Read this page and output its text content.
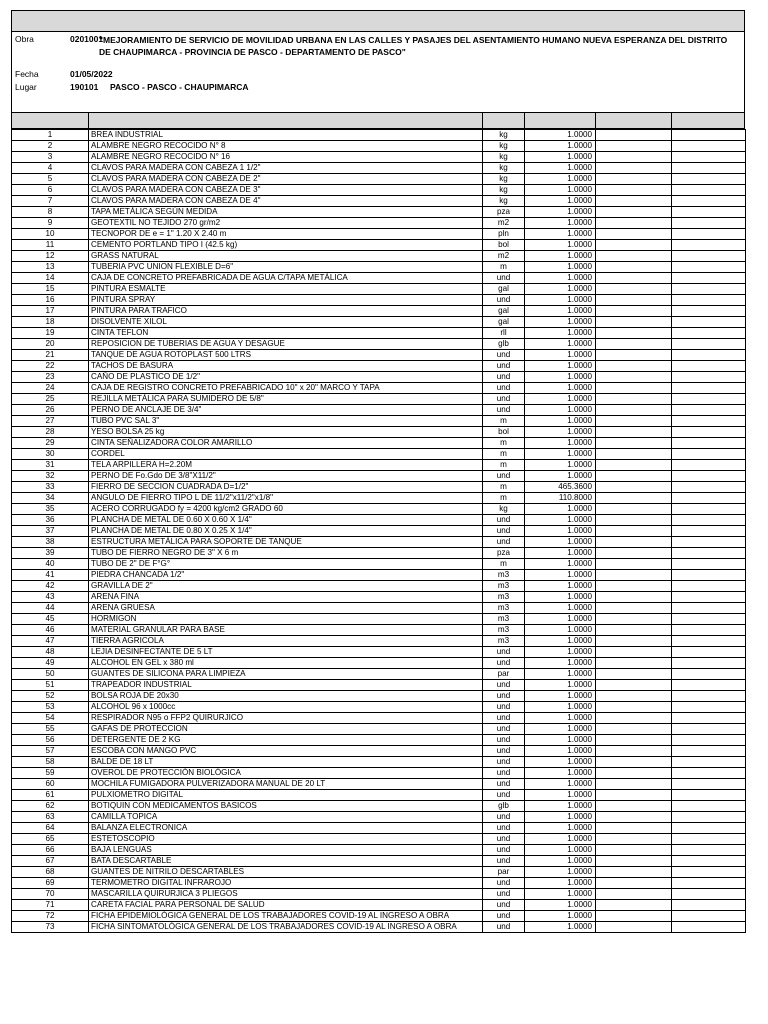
Obra	0201001
"MEJORAMIENTO DE SERVICIO DE MOVILIDAD URBANA EN LAS CALLES Y PASAJES DEL ASENTAMIENTO HUMANO NUEVA ESPERANZA DEL DISTRITO DE CHAUPIMARCA - PROVINCIA DE PASCO - DEPARTAMENTO DE PASCO"
Fecha	01/05/2022
Lugar	190101 PASCO - PASCO - CHAUPIMARCA
1	BREA INDUSTRIAL	kg	1.0000		
2	ALAMBRE NEGRO RECOCIDO N° 8	kg	1.0000		
3	ALAMBRE NEGRO RECOCIDO N° 16	kg	1.0000		
4	CLAVOS PARA MADERA CON CABEZA 1 1/2"	kg	1.0000		
5	CLAVOS PARA MADERA CON CABEZA DE 2"	kg	1.0000		
6	CLAVOS PARA MADERA CON CABEZA DE 3"	kg	1.0000		
7	CLAVOS PARA MADERA CON CABEZA DE 4"	kg	1.0000		
8	TAPA METÁLICA SEGÚN MEDIDA	pza	1.0000		
9	GEOTEXTIL NO TEJIDO 270 gr/m2	m2	1.0000		
10	TECNOPOR DE e = 1" 1.20 X 2.40 m	pln	1.0000		
11	CEMENTO PORTLAND TIPO I (42.5 kg)	bol	1.0000		
12	GRASS NATURAL	m2	1.0000		
13	TUBERIA PVC UNION FLEXIBLE D=6"	m	1.0000		
14	CAJA DE CONCRETO PREFABRICADA DE AGUA C/TAPA METÁLICA	und	1.0000		
15	PINTURA ESMALTE	gal	1.0000		
16	PINTURA SPRAY	und	1.0000		
17	PINTURA PARA TRAFICO	gal	1.0000		
18	DISOLVENTE XILOL	gal	1.0000		
19	CINTA TEFLON	rll	1.0000		
20	REPOSICION DE TUBERIAS DE AGUA Y DESAGUE	glb	1.0000		
21	TANQUE DE AGUA ROTOPLAST 500 LTRS	und	1.0000		
22	TACHOS DE BASURA	und	1.0000		
23	CAÑO DE PLASTICO DE 1/2"	und	1.0000		
24	CAJA DE REGISTRO CONCRETO PREFABRICADO 10" x 20" MARCO Y TAPA	und	1.0000		
25	REJILLA METÁLICA PARA SUMIDERO DE 5/8"	und	1.0000		
26	PERNO DE ANCLAJE DE 3/4"	und	1.0000		
27	TUBO PVC SAL 3"	m	1.0000		
28	YESO BOLSA 25 kg	bol	1.0000		
29	CINTA SEÑALIZADORA COLOR AMARILLO	m	1.0000		
30	CORDEL	m	1.0000		
31	TELA ARPILLERA H=2.20M	m	1.0000		
32	PERNO DE Fo.Gdo DE 3/8"X11/2"	und	1.0000		
33	FIERRO DE SECCION CUADRADA D=1/2"	m	465.3600		
34	ANGULO DE FIERRO TIPO L DE 11/2"x11/2"x1/8"	m	110.8000		
35	ACERO CORRUGADO fy = 4200 kg/cm2 GRADO 60	kg	1.0000		
36	PLANCHA DE METAL DE 0.60 X 0.60 X 1/4"	und	1.0000		
37	PLANCHA DE METAL DE 0.80 X 0.25 X 1/4"	und	1.0000		
38	ESTRUCTURA METÁLICA PARA SOPORTE DE TANQUE	und	1.0000		
39	TUBO DE FIERRO NEGRO DE 3" X 6 m	pza	1.0000		
40	TUBO DE 2" DE F°G°	m	1.0000		
41	PIEDRA CHANCADA 1/2"	m3	1.0000		
42	GRAVILLA DE 2"	m3	1.0000		
43	ARENA FINA	m3	1.0000		
44	ARENA GRUESA	m3	1.0000		
45	HORMIGON	m3	1.0000		
46	MATERIAL GRANULAR PARA BASE	m3	1.0000		
47	TIERRA AGRICOLA	m3	1.0000		
48	LEJIA DESINFECTANTE DE 5 LT	und	1.0000		
49	ALCOHOL EN GEL x 380 ml	und	1.0000		
50	GUANTES DE SILICONA PARA LIMPIEZA	par	1.0000		
51	TRAPEADOR INDUSTRIAL	und	1.0000		
52	BOLSA ROJA DE 20x30	und	1.0000		
53	ALCOHOL 96 x 1000cc	und	1.0000		
54	RESPIRADOR N95 o FFP2 QUIRURJICO	und	1.0000		
55	GAFAS DE PROTECCION	und	1.0000		
56	DETERGENTE DE 2 KG	und	1.0000		
57	ESCOBA CON MANGO PVC	und	1.0000		
58	BALDE DE 18 LT	und	1.0000		
59	OVEROL DE PROTECCIÓN BIOLÓGICA	und	1.0000		
60	MOCHILA FUMIGADORA PULVERIZADORA MANUAL DE 20 LT	und	1.0000		
61	PULXIOMETRO DIGITAL	und	1.0000		
62	BOTIQUIN CON MEDICAMENTOS BASICOS	glb	1.0000		
63	CAMILLA TOPICA	und	1.0000		
64	BALANZA ELECTRONICA	und	1.0000		
65	ESTETOSCOPIO	und	1.0000		
66	BAJA LENGUAS	und	1.0000		
67	BATA DESCARTABLE	und	1.0000		
68	GUANTES DE NITRILO DESCARTABLES	par	1.0000		
69	TERMOMETRO DIGITAL INFRAROJO	und	1.0000		
70	MASCARILLA QUIRURJICA 3 PLIEGOS	und	1.0000		
71	CARETA FACIAL PARA PERSONAL DE SALUD	und	1.0000		
72	FICHA EPIDEMIOLÓGICA GENERAL DE LOS TRABAJADORES COVID-19 AL INGRESO A OBRA	und	1.0000		
73	FICHA SINTOMATOLÓGICA GENERAL DE LOS TRABAJADORES COVID-19 AL INGRESO A OBRA	und	1.0000		
